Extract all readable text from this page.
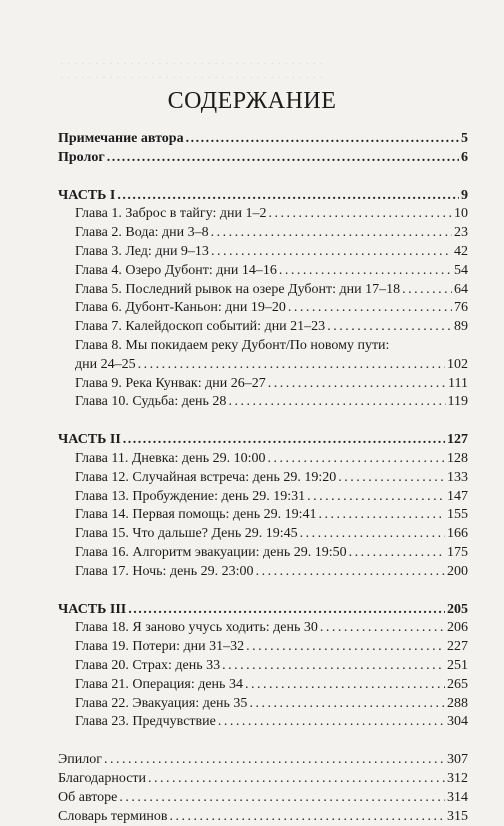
· · · · · · · · · · · · · · · · · · · · · · · · · · · · · · · · · · · · · ·
· · · · · · · · · · · · · · · · · · · · · · · · · · · · · · · · · · · · · ·
СОДЕРЖАНИЕ
Примечание автора . . .	5
Пролог . . .	6
ЧАСТЬ I . . .	9
Глава 1. Заброс в тайгу: дни 1–2 . . .	10
Глава 2. Вода: дни 3–8 . . .	23
Глава 3. Лед: дни 9–13 . . .	42
Глава 4. Озеро Дубонт: дни 14–16 . . .	54
Глава 5. Последний рывок на озере Дубонт: дни 17–18 . . .	64
Глава 6. Дубонт-Каньон: дни 19–20 . . .	76
Глава 7. Калейдоскоп событий: дни 21–23 . . .	89
Глава 8. Мы покидаем реку Дубонт/По новому пути:
дни 24–25 . . .	102
Глава 9. Река Кунвак: дни 26–27 . . .	111
Глава 10. Судьба: день 28 . . .	119
ЧАСТЬ II . . .	127
Глава 11. Дневка: день 29. 10:00 . . .	128
Глава 12. Случайная встреча: день 29. 19:20 . . .	133
Глава 13. Пробуждение: день 29. 19:31 . . .	147
Глава 14. Первая помощь: день 29. 19:41 . . .	155
Глава 15. Что дальше? День 29. 19:45 . . .	166
Глава 16. Алгоритм эвакуации: день 29. 19:50 . . .	175
Глава 17. Ночь: день 29. 23:00 . . .	200
ЧАСТЬ III . . .	205
Глава 18. Я заново учусь ходить: день 30 . . .	206
Глава 19. Потери: дни 31–32 . . .	227
Глава 20. Страх: день 33 . . .	251
Глава 21. Операция: день 34 . . .	265
Глава 22. Эвакуация: день 35 . . .	288
Глава 23. Предчувствие . . .	304
Эпилог . . .	307
Благодарности . . .	312
Об авторе . . .	314
Словарь терминов . . .	315
